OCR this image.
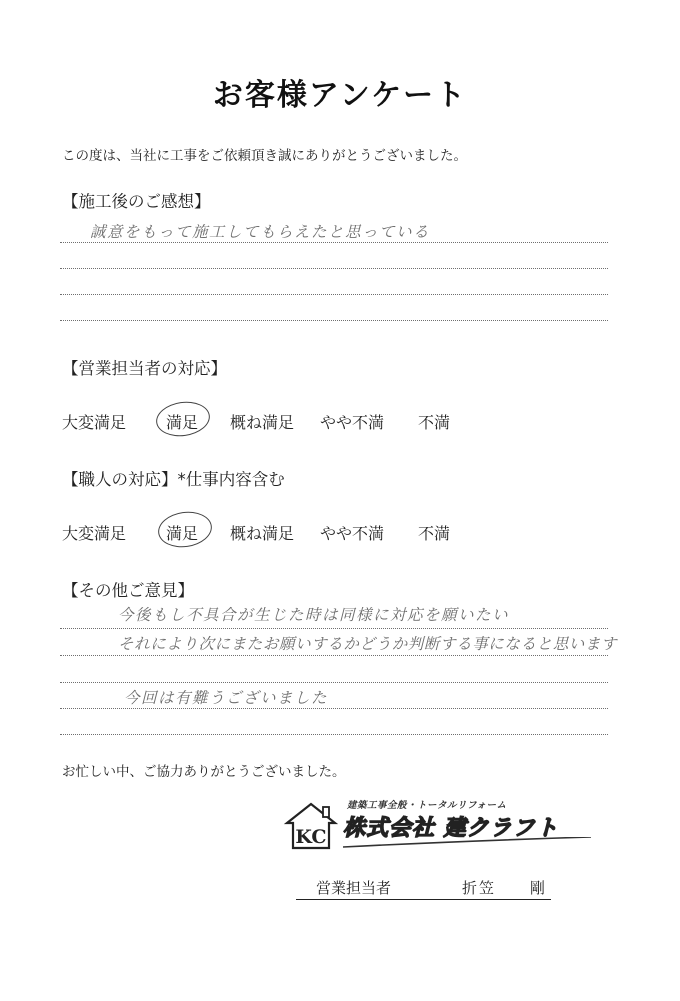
お客様アンケート
この度は、当社に工事をご依頼頂き誠にありがとうございました。
【施工後のご感想】
誠意をもって施工してもらえたと思っている
【営業担当者の対応】
大変満足 満足 概ね満足 やや不満 不満
【職人の対応】*仕事内容含む
大変満足 満足 概ね満足 やや不満 不満
【その他ご意見】
今後もし不具合が生じた時は同様に対応を願いたい
それにより次にまたお願いするかどうか判断する事になると思います
今回は有難うございました
お忙しい中、ご協力ありがとうございました。
KC
建築工事全般・トータルリフォーム
株式会社 建クラフト
営業担当者	折笠　　剛
